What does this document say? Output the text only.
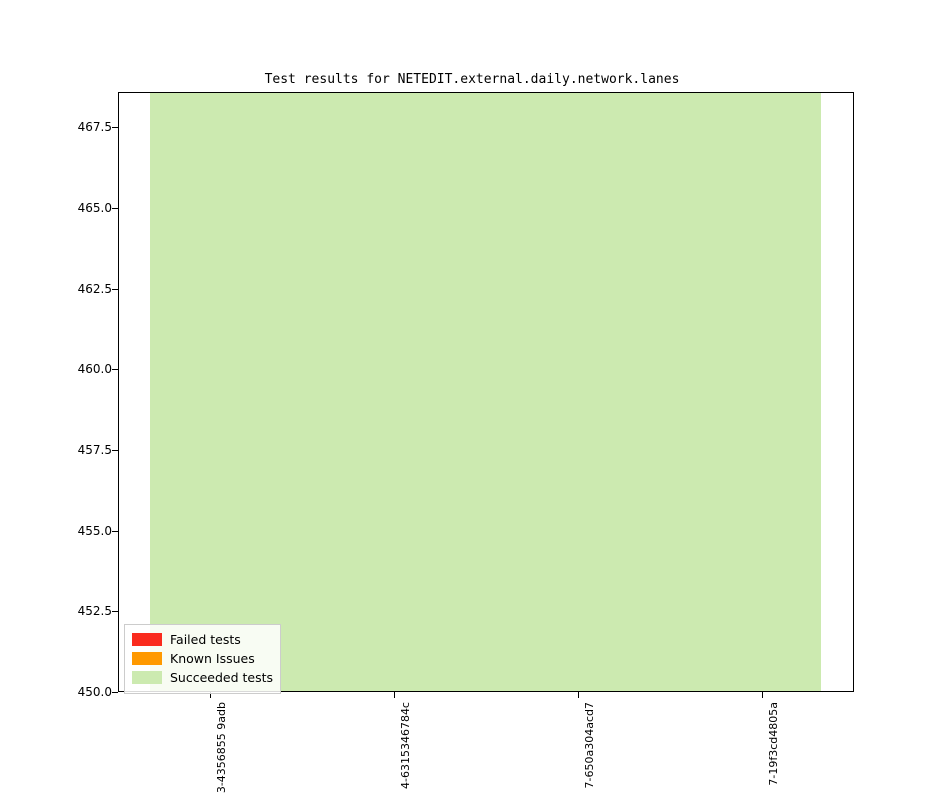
Test results for NETEDIT.external.daily.network.lanes
450.0
452.5
455.0
457.5
460.0
462.5
465.0
467.5
3-4356855 9adb	4-6315346784c	7-650a304acd7	7-19f3cd4805a
Failed tests
Known Issues
Succeeded tests
